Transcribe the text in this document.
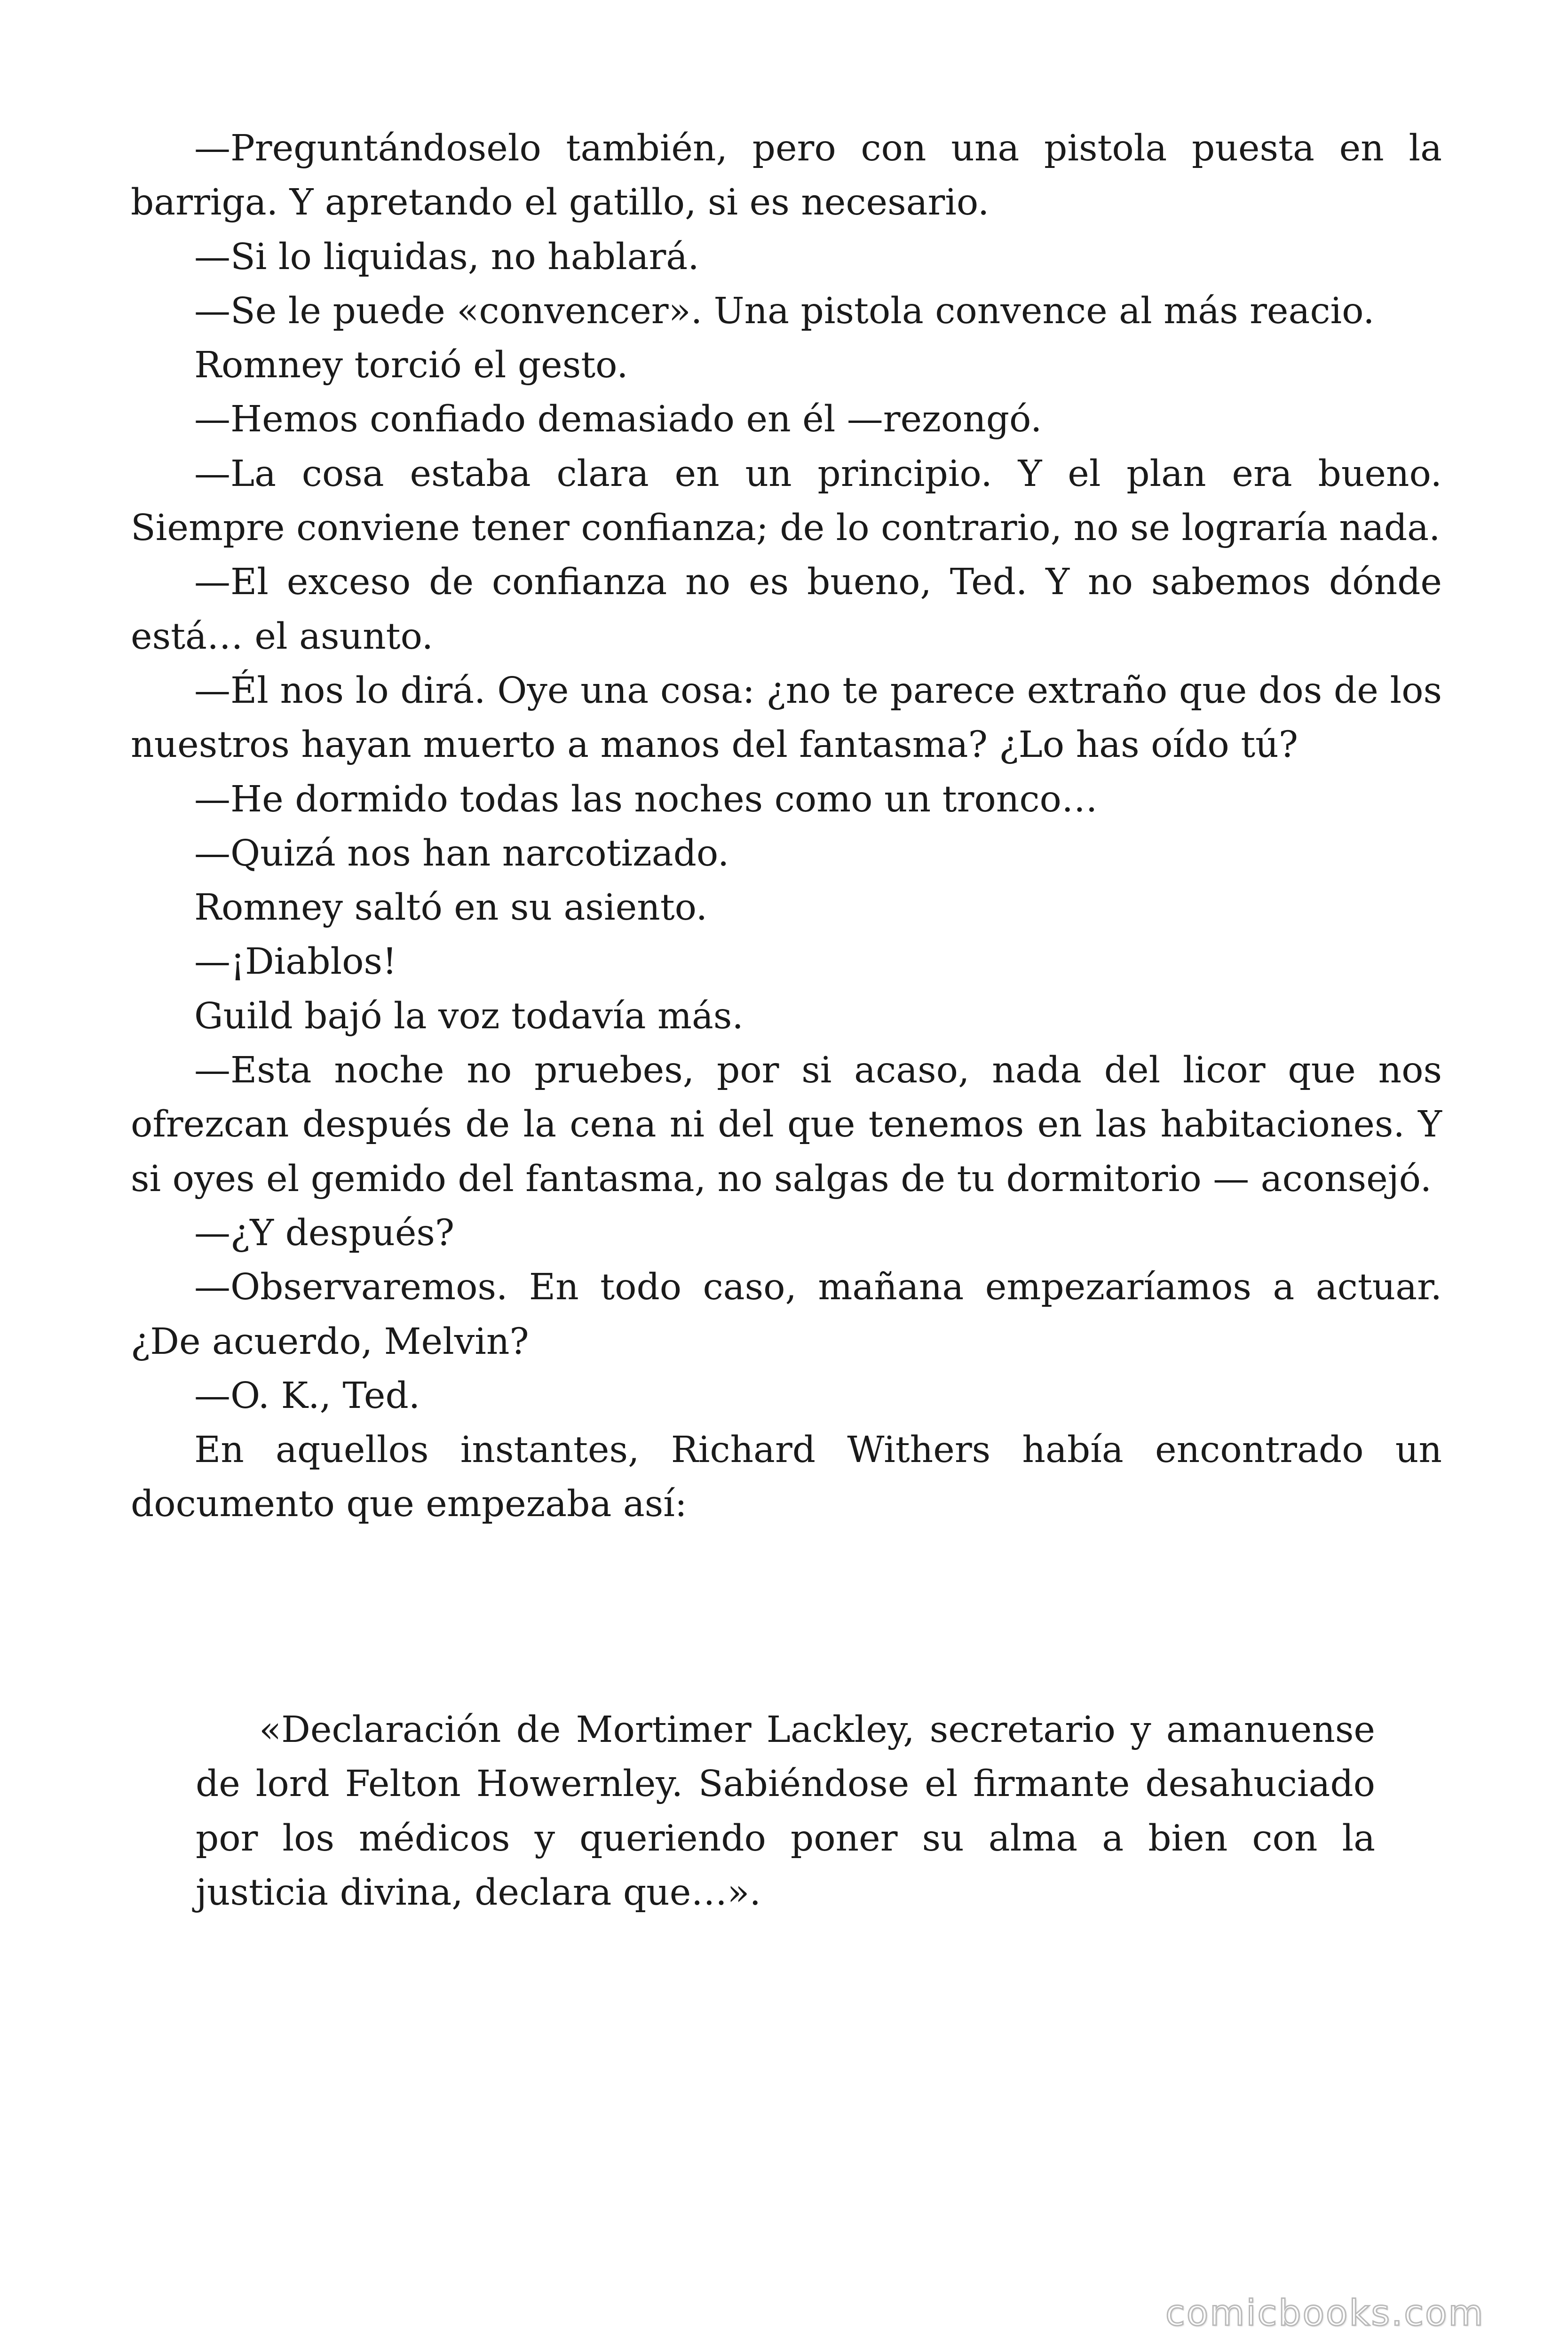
—Preguntándoselo también, pero con una pistola puesta en la barriga. Y apretando el gatillo, si es necesario.

—Si lo liquidas, no hablará.

—Se le puede «convencer». Una pistola convence al más reacio.

Romney torció el gesto.

—Hemos confiado demasiado en él —rezongó.

—La cosa estaba clara en un principio. Y el plan era bueno. Siempre conviene tener confianza; de lo contrario, no se lograría nada.

—El exceso de confianza no es bueno, Ted. Y no sabemos dónde está… el asunto.

—Él nos lo dirá. Oye una cosa: ¿no te parece extraño que dos de los nuestros hayan muerto a manos del fantasma? ¿Lo has oído tú?

—He dormido todas las noches como un tronco…

—Quizá nos han narcotizado.

Romney saltó en su asiento.

—¡Diablos!

Guild bajó la voz todavía más.

—Esta noche no pruebes, por si acaso, nada del licor que nos ofrezcan después de la cena ni del que tenemos en las habitaciones. Y si oyes el gemido del fantasma, no salgas de tu dormitorio — aconsejó.

—¿Y después?

—Observaremos. En todo caso, mañana empezaríamos a actuar. ¿De acuerdo, Melvin?

—O. K., Ted.

En aquellos instantes, Richard Withers había encontrado un documento que empezaba así:

«Declaración de Mortimer Lackley, secretario y amanuense de lord Felton Howernley. Sabiéndose el firmante desahuciado por los médicos y queriendo poner su alma a bien con la justicia divina, declara que…».

comicbooks.com
